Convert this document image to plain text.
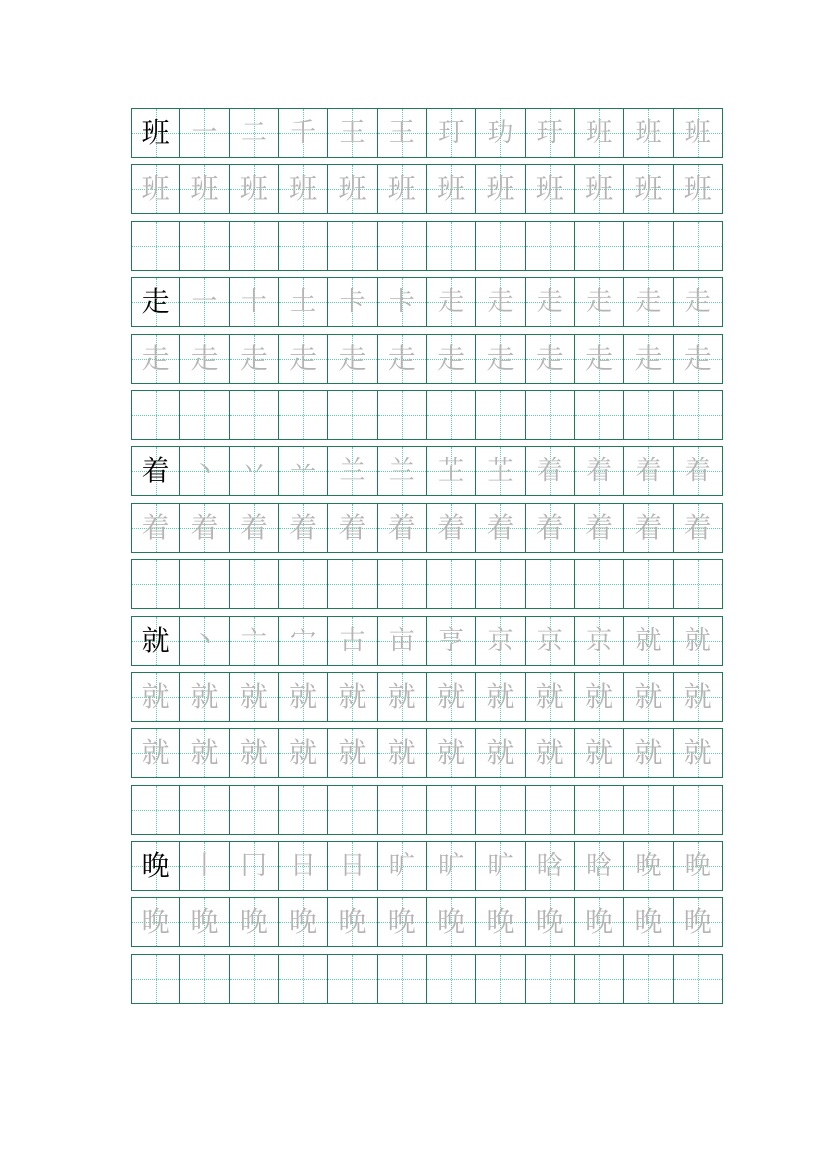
班 一 二 千 王 王 玎 玏 玗 班 班 班
班 班 班 班 班 班 班 班 班 班 班 班
走 一 十 土 卡 卡 走 走 走 走 走 走
走 走 走 走 走 走 走 走 走 走 走 走
着 丶 丷 䒑 兰 兰 芏 芏 着 着 着 着
着 着 着 着 着 着 着 着 着 着 着 着
就 丶 亠 宀 古 亩 亨 京 京 京 就 就
就 就 就 就 就 就 就 就 就 就 就 就
就 就 就 就 就 就 就 就 就 就 就 就
晚 丨 冂 日 日 旷 旷 旷 晗 晗 晚 晚
晚 晚 晚 晚 晚 晚 晚 晚 晚 晚 晚 晚
